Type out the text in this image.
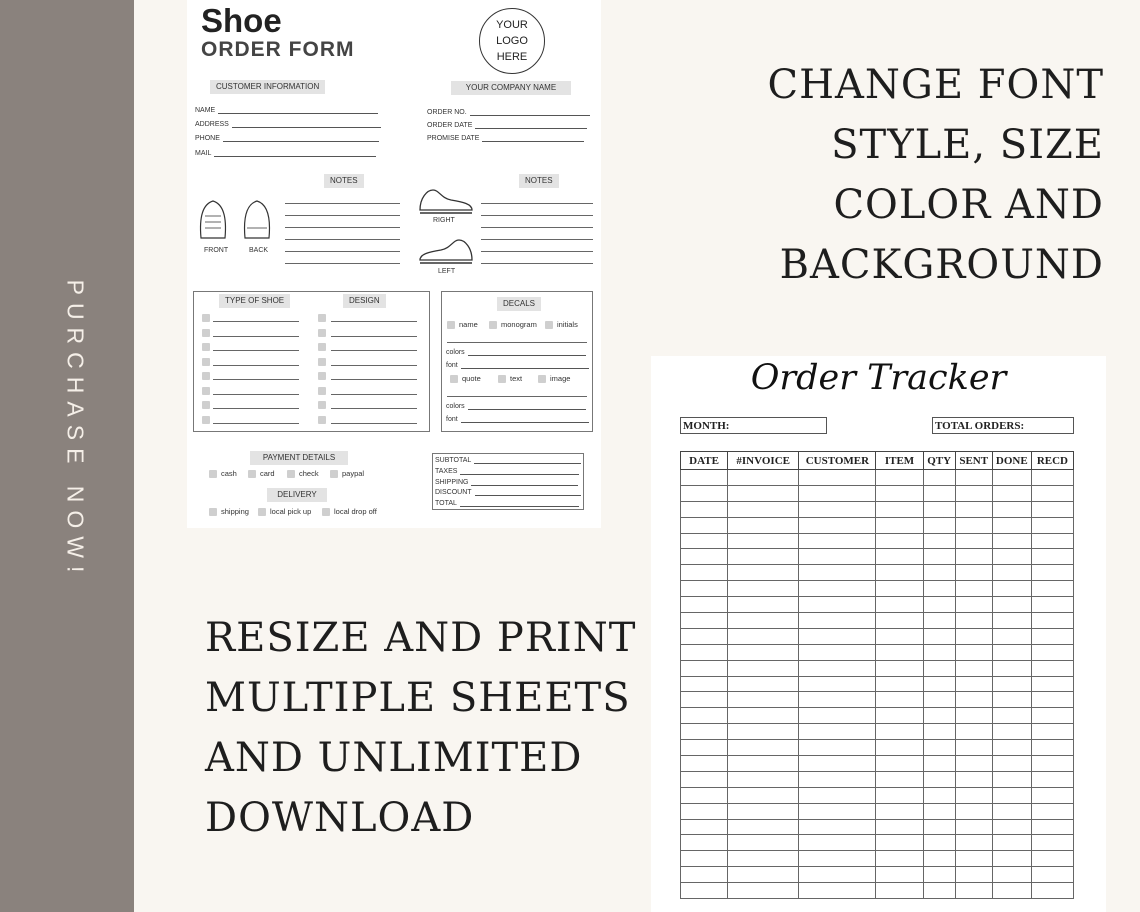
PURCHASE NOW!
CHANGE FONT
STYLE, SIZE
COLOR AND
BACKGROUND
RESIZE AND PRINT
MULTIPLE SHEETS
AND UNLIMITED
DOWNLOAD
Shoe
ORDER FORM
YOUR
LOGO
HERE
CUSTOMER INFORMATION	YOUR COMPANY NAME
NAME
ADDRESS
PHONE
MAIL
ORDER NO.
ORDER DATE
PROMISE DATE
NOTES
FRONT	BACK
NOTES
RIGHT
LEFT
TYPE OF SHOE	DESIGN	DECALS
name	monogram	initials
colors
font
quote	text	image
colors
font
PAYMENT DETAILS
cash	card	check	paypal
DELIVERY
shipping	local pick up	local drop off
SUBTOTAL
TAXES
SHIPPING
DISCOUNT
TOTAL
Order Tracker
MONTH:	TOTAL ORDERS:
DATE	#INVOICE	CUSTOMER	ITEM	QTY	SENT	DONE	RECD
